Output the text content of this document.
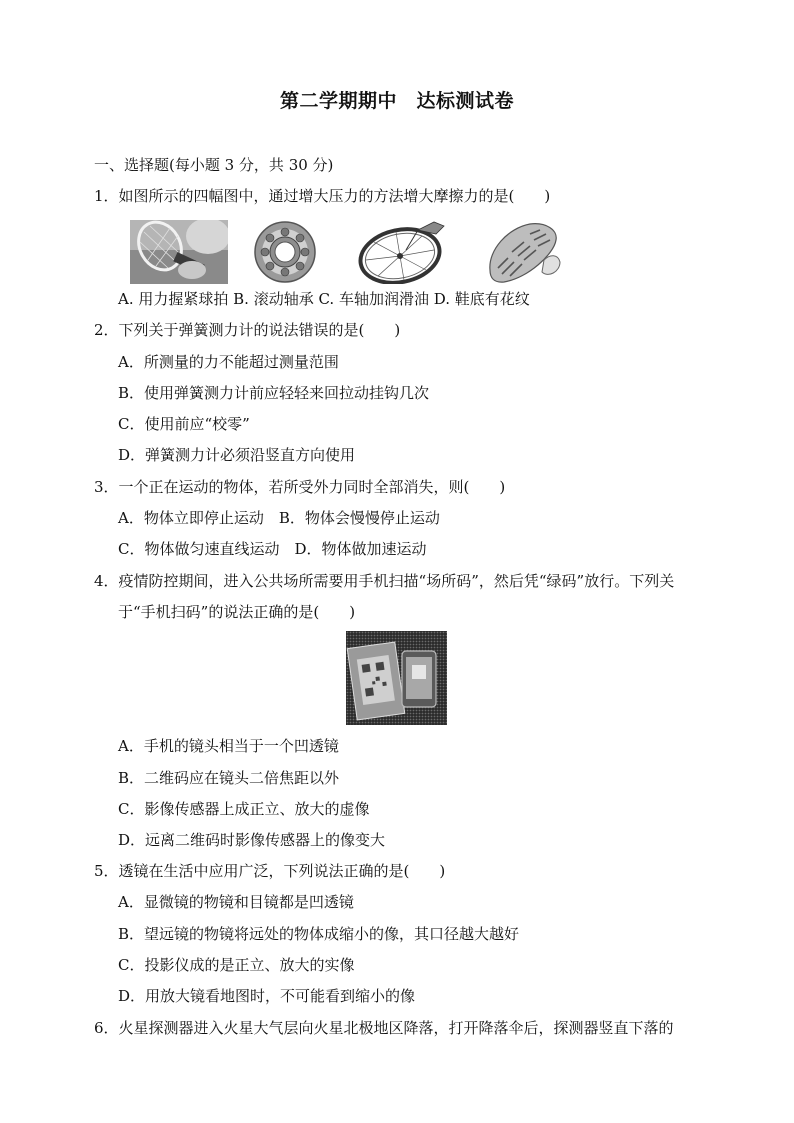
第二学期期中　达标测试卷
一、选择题(每小题 3 分，共 30 分)
1．如图所示的四幅图中，通过增大压力的方法增大摩擦力的是(　　)
A. 用力握紧球拍 B. 滚动轴承 C. 车轴加润滑油 D. 鞋底有花纹
2．下列关于弹簧测力计的说法错误的是(　　)
A．所测量的力不能超过测量范围
B．使用弹簧测力计前应轻轻来回拉动挂钩几次
C．使用前应“校零”
D．弹簧测力计必须沿竖直方向使用
3．一个正在运动的物体，若所受外力同时全部消失，则(　　)
A．物体立即停止运动　B．物体会慢慢停止运动
C．物体做匀速直线运动　D．物体做加速运动
4．疫情防控期间，进入公共场所需要用手机扫描“场所码”，然后凭“绿码”放行。下列关
于“手机扫码”的说法正确的是(　　)
A．手机的镜头相当于一个凹透镜
B．二维码应在镜头二倍焦距以外
C．影像传感器上成正立、放大的虚像
D．远离二维码时影像传感器上的像变大
5．透镜在生活中应用广泛，下列说法正确的是(　　)
A．显微镜的物镜和目镜都是凹透镜
B．望远镜的物镜将远处的物体成缩小的像，其口径越大越好
C．投影仪成的是正立、放大的实像
D．用放大镜看地图时，不可能看到缩小的像
6．火星探测器进入火星大气层向火星北极地区降落，打开降落伞后，探测器竖直下落的
